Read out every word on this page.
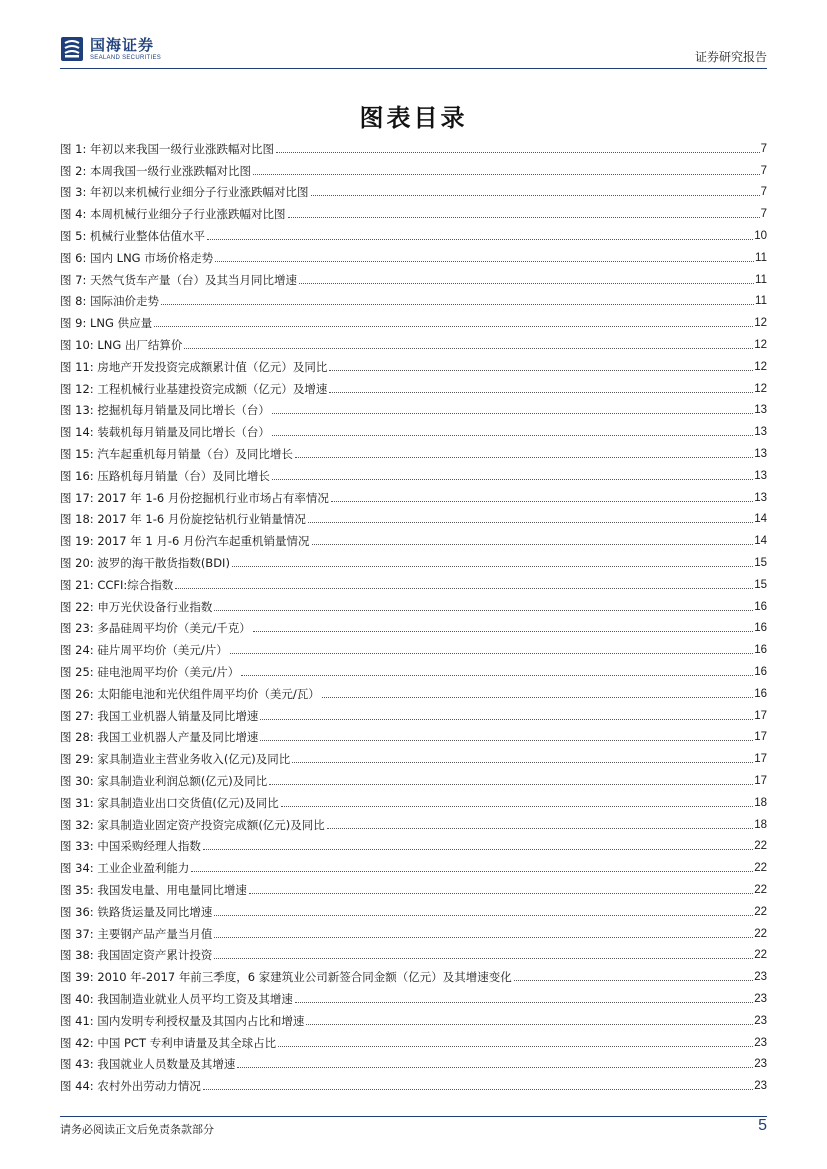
国海证券
SEALAND SECURITIES	证券研究报告
图表目录
图 1: 年初以来我国一级行业涨跌幅对比图	7
图 2: 本周我国一级行业涨跌幅对比图	7
图 3: 年初以来机械行业细分子行业涨跌幅对比图	7
图 4: 本周机械行业细分子行业涨跌幅对比图	7
图 5: 机械行业整体估值水平	10
图 6: 国内 LNG 市场价格走势	11
图 7: 天然气货车产量（台）及其当月同比增速	11
图 8: 国际油价走势	11
图 9: LNG 供应量	12
图 10: LNG 出厂结算价	12
图 11: 房地产开发投资完成额累计值（亿元）及同比	12
图 12: 工程机械行业基建投资完成额（亿元）及增速	12
图 13: 挖掘机每月销量及同比增长（台）	13
图 14: 装载机每月销量及同比增长（台）	13
图 15: 汽车起重机每月销量（台）及同比增长	13
图 16: 压路机每月销量（台）及同比增长	13
图 17: 2017 年 1-6 月份挖掘机行业市场占有率情况	13
图 18: 2017 年 1-6 月份旋挖钻机行业销量情况	14
图 19: 2017 年 1 月-6 月份汽车起重机销量情况	14
图 20: 波罗的海干散货指数(BDI)	15
图 21: CCFI:综合指数	15
图 22: 申万光伏设备行业指数	16
图 23: 多晶硅周平均价（美元/千克）	16
图 24: 硅片周平均价（美元/片）	16
图 25: 硅电池周平均价（美元/片）	16
图 26: 太阳能电池和光伏组件周平均价（美元/瓦）	16
图 27: 我国工业机器人销量及同比增速	17
图 28: 我国工业机器人产量及同比增速	17
图 29: 家具制造业主营业务收入(亿元)及同比	17
图 30: 家具制造业利润总额(亿元)及同比	17
图 31: 家具制造业出口交货值(亿元)及同比	18
图 32: 家具制造业固定资产投资完成额(亿元)及同比	18
图 33: 中国采购经理人指数	22
图 34: 工业企业盈利能力	22
图 35: 我国发电量、用电量同比增速	22
图 36: 铁路货运量及同比增速	22
图 37: 主要钢产品产量当月值	22
图 38: 我国固定资产累计投资	22
图 39: 2010 年-2017 年前三季度，6 家建筑业公司新签合同金额（亿元）及其增速变化	23
图 40: 我国制造业就业人员平均工资及其增速	23
图 41: 国内发明专利授权量及其国内占比和增速	23
图 42: 中国 PCT 专利申请量及其全球占比	23
图 43: 我国就业人员数量及其增速	23
图 44: 农村外出劳动力情况	23
请务必阅读正文后免责条款部分	5
